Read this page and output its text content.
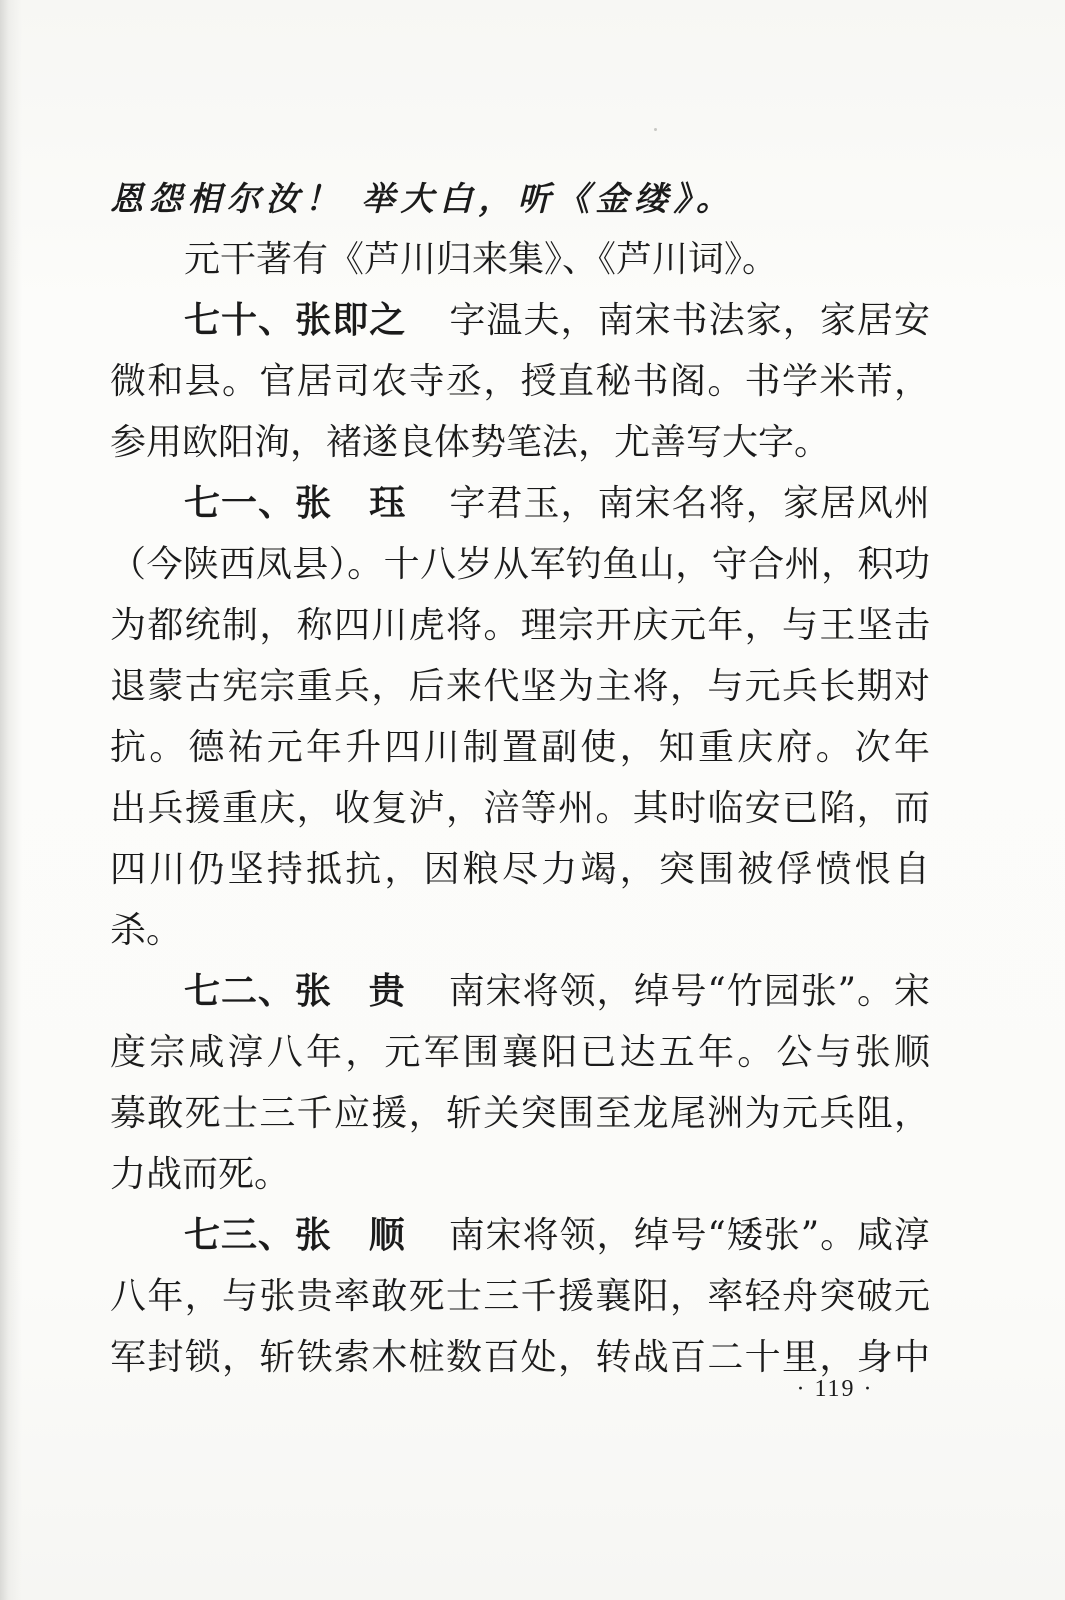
恩怨相尔汝！ 举大白，听《金缕》。
元干著有《芦川归来集》、《芦川词》。
七十、张即之 字温夫，南宋书法家，家居安
微和县。官居司农寺丞，授直秘书阁。书学米芾，
参用欧阳洵，褚遂良体势笔法，尤善写大字。
七一、张　珏 字君玉，南宋名将，家居风州
（今陕西凤县）。十八岁从军钓鱼山，守合州，积功
为都统制，称四川虎将。理宗开庆元年，与王坚击
退蒙古宪宗重兵，后来代坚为主将，与元兵长期对
抗。德祐元年升四川制置副使，知重庆府。次年
出兵援重庆，收复泸，涪等州。其时临安已陷，而
四川仍坚持抵抗，因粮尽力竭，突围被俘愤恨自
杀。
七二、张　贵 南宋将领，绰号“竹园张”。宋
度宗咸淳八年，元军围襄阳已达五年。公与张顺
募敢死士三千应援，斩关突围至龙尾洲为元兵阻，
力战而死。
七三、张　顺 南宋将领，绰号“矮张”。咸淳
八年，与张贵率敢死士三千援襄阳，率轻舟突破元
军封锁，斩铁索木桩数百处，转战百二十里，身中
· 119 ·
